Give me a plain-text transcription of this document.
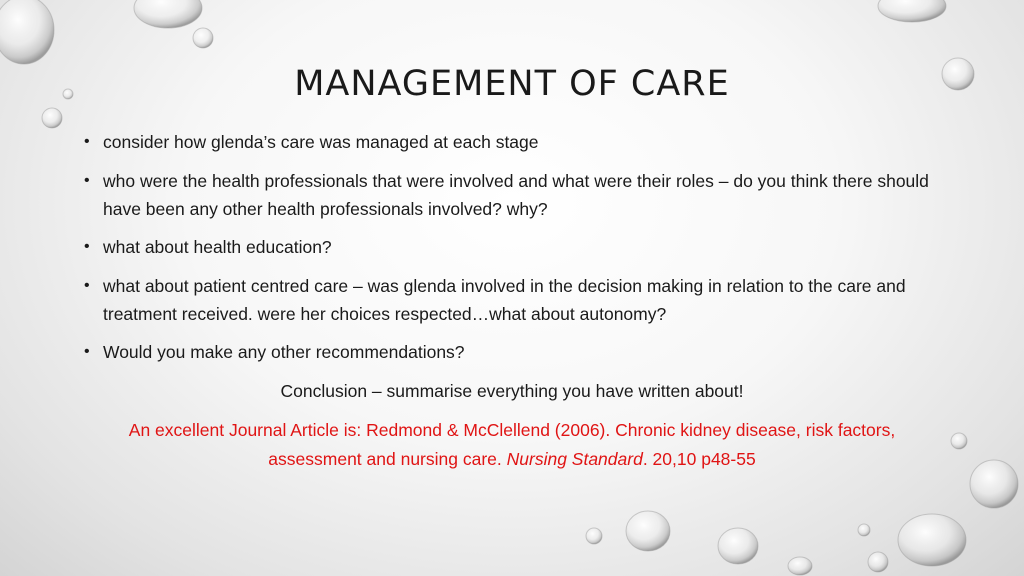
MANAGEMENT OF CARE
• consider how glenda’s care was managed at each stage
• who were the health professionals that were involved and what were their roles – do you think there should have been any other health professionals involved? why?
• what about health education?
• what about patient centred care – was glenda involved in the decision making in relation to the care and treatment received. were her choices respected…what about autonomy?
• Would you make any other recommendations?
Conclusion – summarise everything you have written about!
An excellent Journal Article is: Redmond & McClellend (2006). Chronic kidney disease, risk factors, assessment and nursing care. Nursing Standard. 20,10 p48-55
